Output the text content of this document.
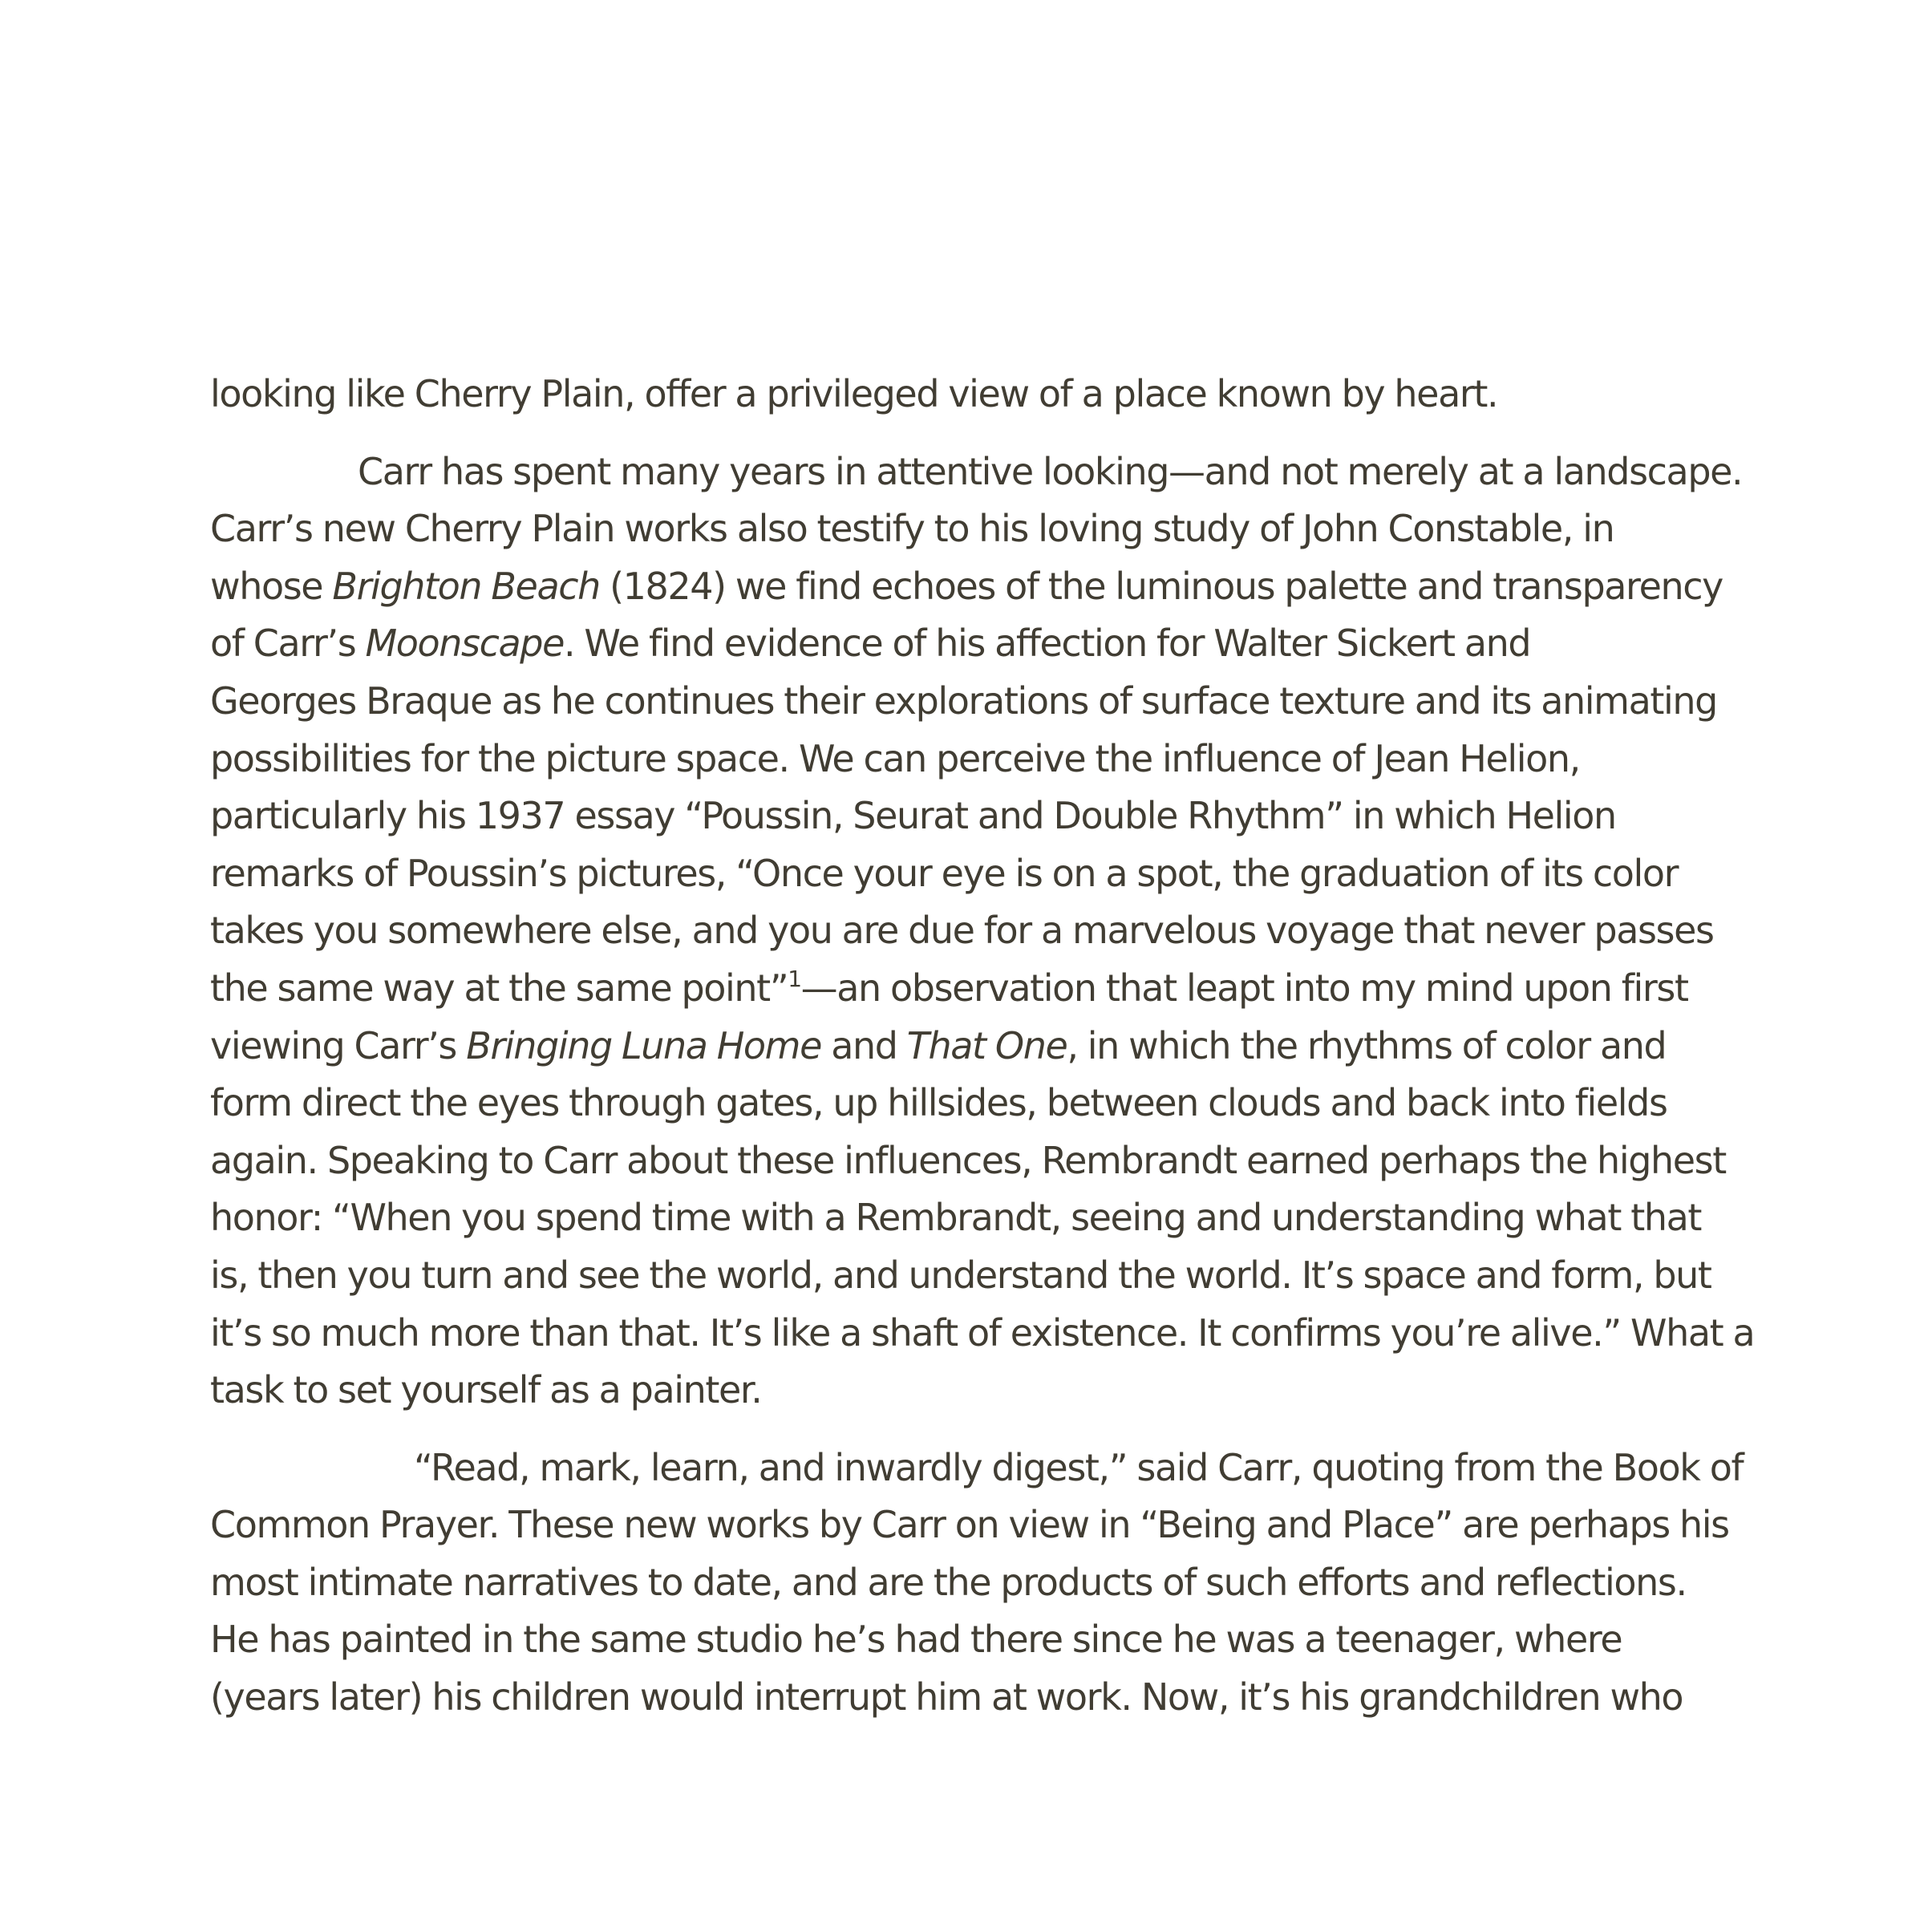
looking like Cherry Plain, offer a privileged view of a place known by heart.
Carr has spent many years in attentive looking—and not merely at a landscape.
Carr’s new Cherry Plain works also testify to his loving study of John Constable, in
whose Brighton Beach (1824) we find echoes of the luminous palette and transparency
of Carr’s Moonscape. We find evidence of his affection for Walter Sickert and
Georges Braque as he continues their explorations of surface texture and its animating
possibilities for the picture space. We can perceive the influence of Jean Helion,
particularly his 1937 essay “Poussin, Seurat and Double Rhythm” in which Helion
remarks of Poussin’s pictures, “Once your eye is on a spot, the graduation of its color
takes you somewhere else, and you are due for a marvelous voyage that never passes
the same way at the same point”$^1$—an observation that leapt into my mind upon first
viewing Carr’s Bringing Luna Home and That One, in which the rhythms of color and
form direct the eyes through gates, up hillsides, between clouds and back into fields
again. Speaking to Carr about these influences, Rembrandt earned perhaps the highest
honor: “When you spend time with a Rembrandt, seeing and understanding what that
is, then you turn and see the world, and understand the world. It’s space and form, but
it’s so much more than that. It’s like a shaft of existence. It confirms you’re alive.” What a
task to set yourself as a painter.
“Read, mark, learn, and inwardly digest,” said Carr, quoting from the Book of
Common Prayer. These new works by Carr on view in “Being and Place” are perhaps his
most intimate narratives to date, and are the products of such efforts and reflections.
He has painted in the same studio he’s had there since he was a teenager, where
(years later) his children would interrupt him at work. Now, it’s his grandchildren who
